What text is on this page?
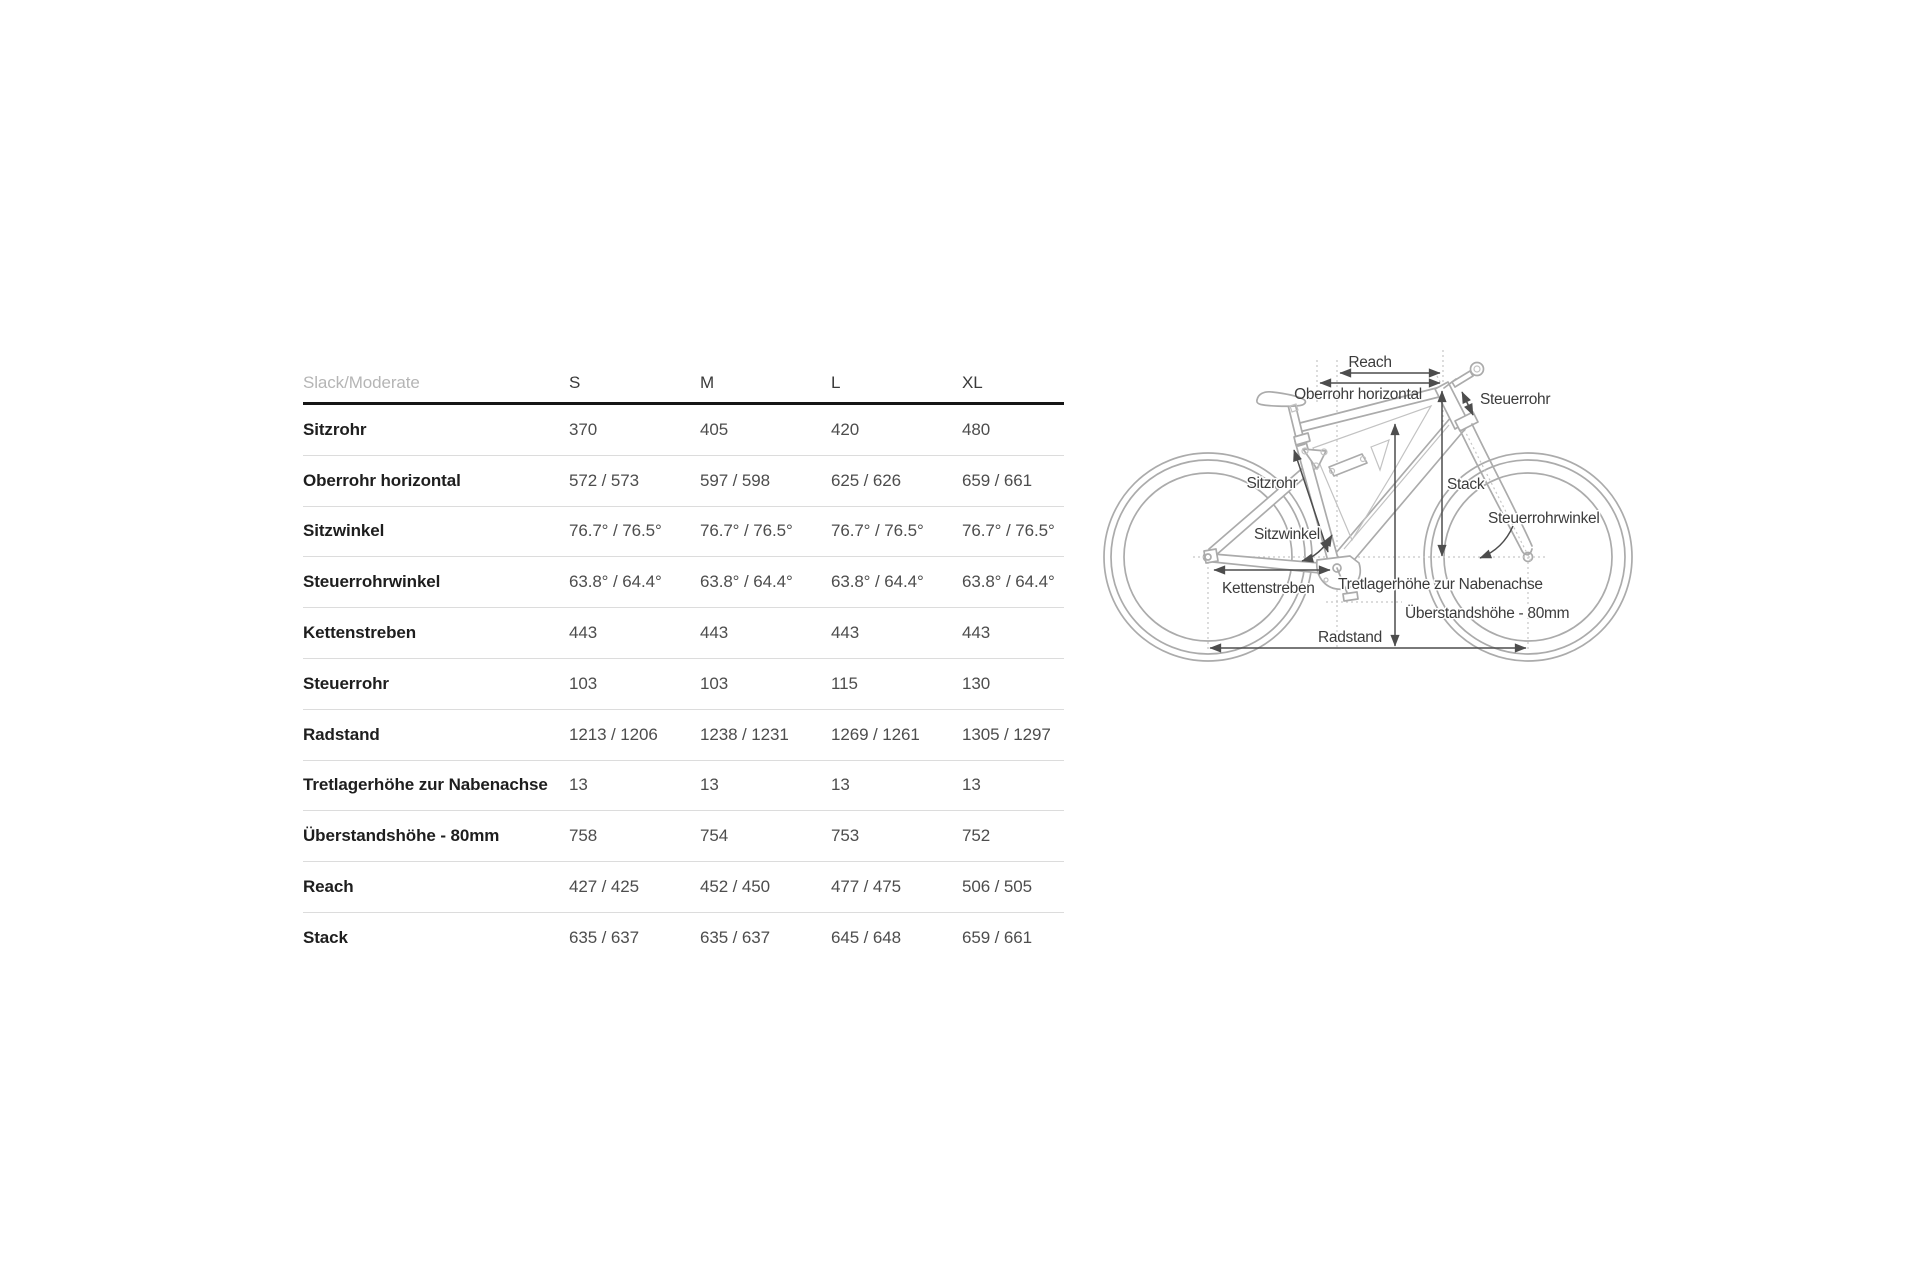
Slack/Moderate	S	M	L	XL
Sitzrohr	370	405	420	480
Oberrohr horizontal	572 / 573	597 / 598	625 / 626	659 / 661
Sitzwinkel	76.7° / 76.5°	76.7° / 76.5°	76.7° / 76.5°	76.7° / 76.5°
Steuerrohrwinkel	63.8° / 64.4°	63.8° / 64.4°	63.8° / 64.4°	63.8° / 64.4°
Kettenstreben	443	443	443	443
Steuerrohr	103	103	115	130
Radstand	1213 / 1206	1238 / 1231	1269 / 1261	1305 / 1297
Tretlagerhöhe zur Nabenachse	13	13	13	13
Überstandshöhe - 80mm	758	754	753	752
Reach	427 / 425	452 / 450	477 / 475	506 / 505
Stack	635 / 637	635 / 637	645 / 648	659 / 661
Reach
Oberrohr horizontal	Steuerrohr
Sitzrohr	Stack
Steuerrohrwinkel
Sitzwinkel
Kettenstreben Tretlagerhöhe zur Nabenachse
Überstandshöhe - 80mm
Radstand
